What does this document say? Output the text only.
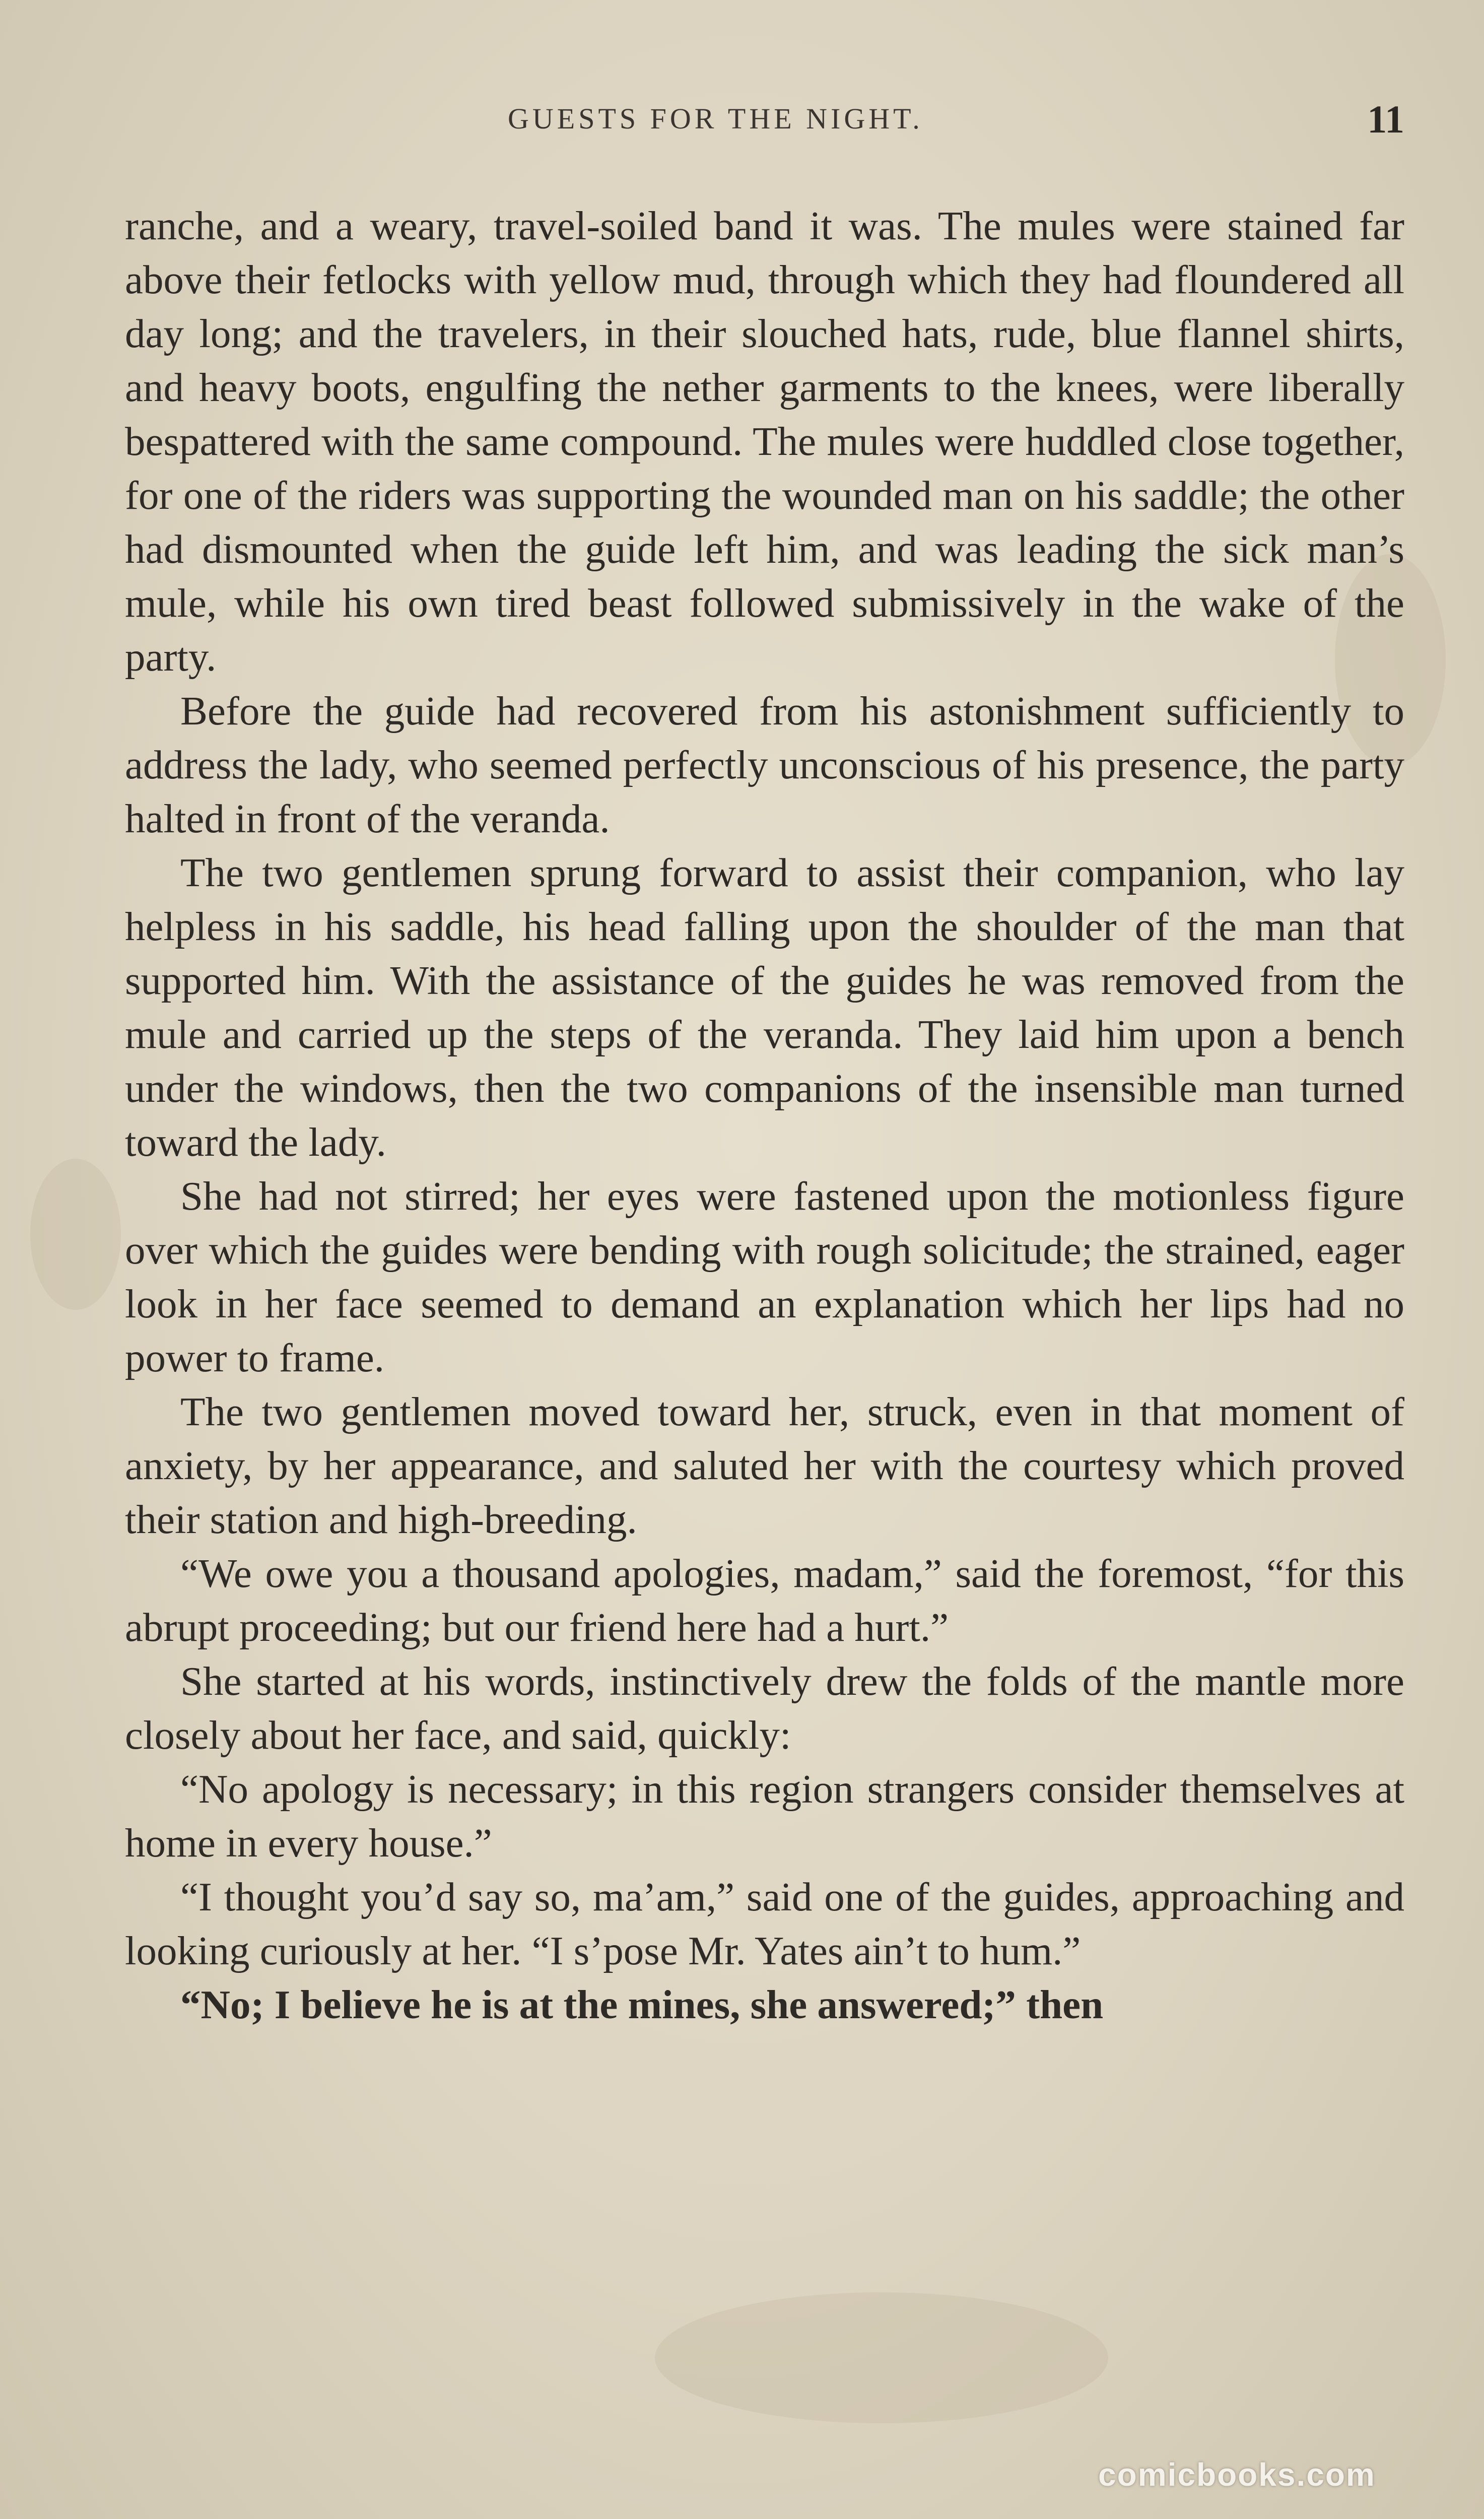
GUESTS FOR THE NIGHT.	11

ranche, and a weary, travel-soiled band it was. The mules were stained far above their fetlocks with yellow mud, through which they had floundered all day long; and the travelers, in their slouched hats, rude, blue flannel shirts, and heavy boots, engulfing the nether garments to the knees, were liberally bespattered with the same compound. The mules were huddled close together, for one of the riders was supporting the wounded man on his saddle; the other had dismounted when the guide left him, and was leading the sick man’s mule, while his own tired beast followed submissively in the wake of the party.

Before the guide had recovered from his astonishment sufficiently to address the lady, who seemed perfectly unconscious of his presence, the party halted in front of the veranda.

The two gentlemen sprung forward to assist their companion, who lay helpless in his saddle, his head falling upon the shoulder of the man that supported him. With the assistance of the guides he was removed from the mule and carried up the steps of the veranda. They laid him upon a bench under the windows, then the two companions of the insensible man turned toward the lady.

She had not stirred; her eyes were fastened upon the motionless figure over which the guides were bending with rough solicitude; the strained, eager look in her face seemed to demand an explanation which her lips had no power to frame.

The two gentlemen moved toward her, struck, even in that moment of anxiety, by her appearance, and saluted her with the courtesy which proved their station and high-breeding.

“We owe you a thousand apologies, madam,” said the foremost, “for this abrupt proceeding; but our friend here had a hurt.”

She started at his words, instinctively drew the folds of the mantle more closely about her face, and said, quickly:

“No apology is necessary; in this region strangers consider themselves at home in every house.”

“I thought you’d say so, ma’am,” said one of the guides, approaching and looking curiously at her. “I s’pose Mr. Yates ain’t to hum.”

“No; I believe he is at the mines, she answered;” then

comicbooks.com
